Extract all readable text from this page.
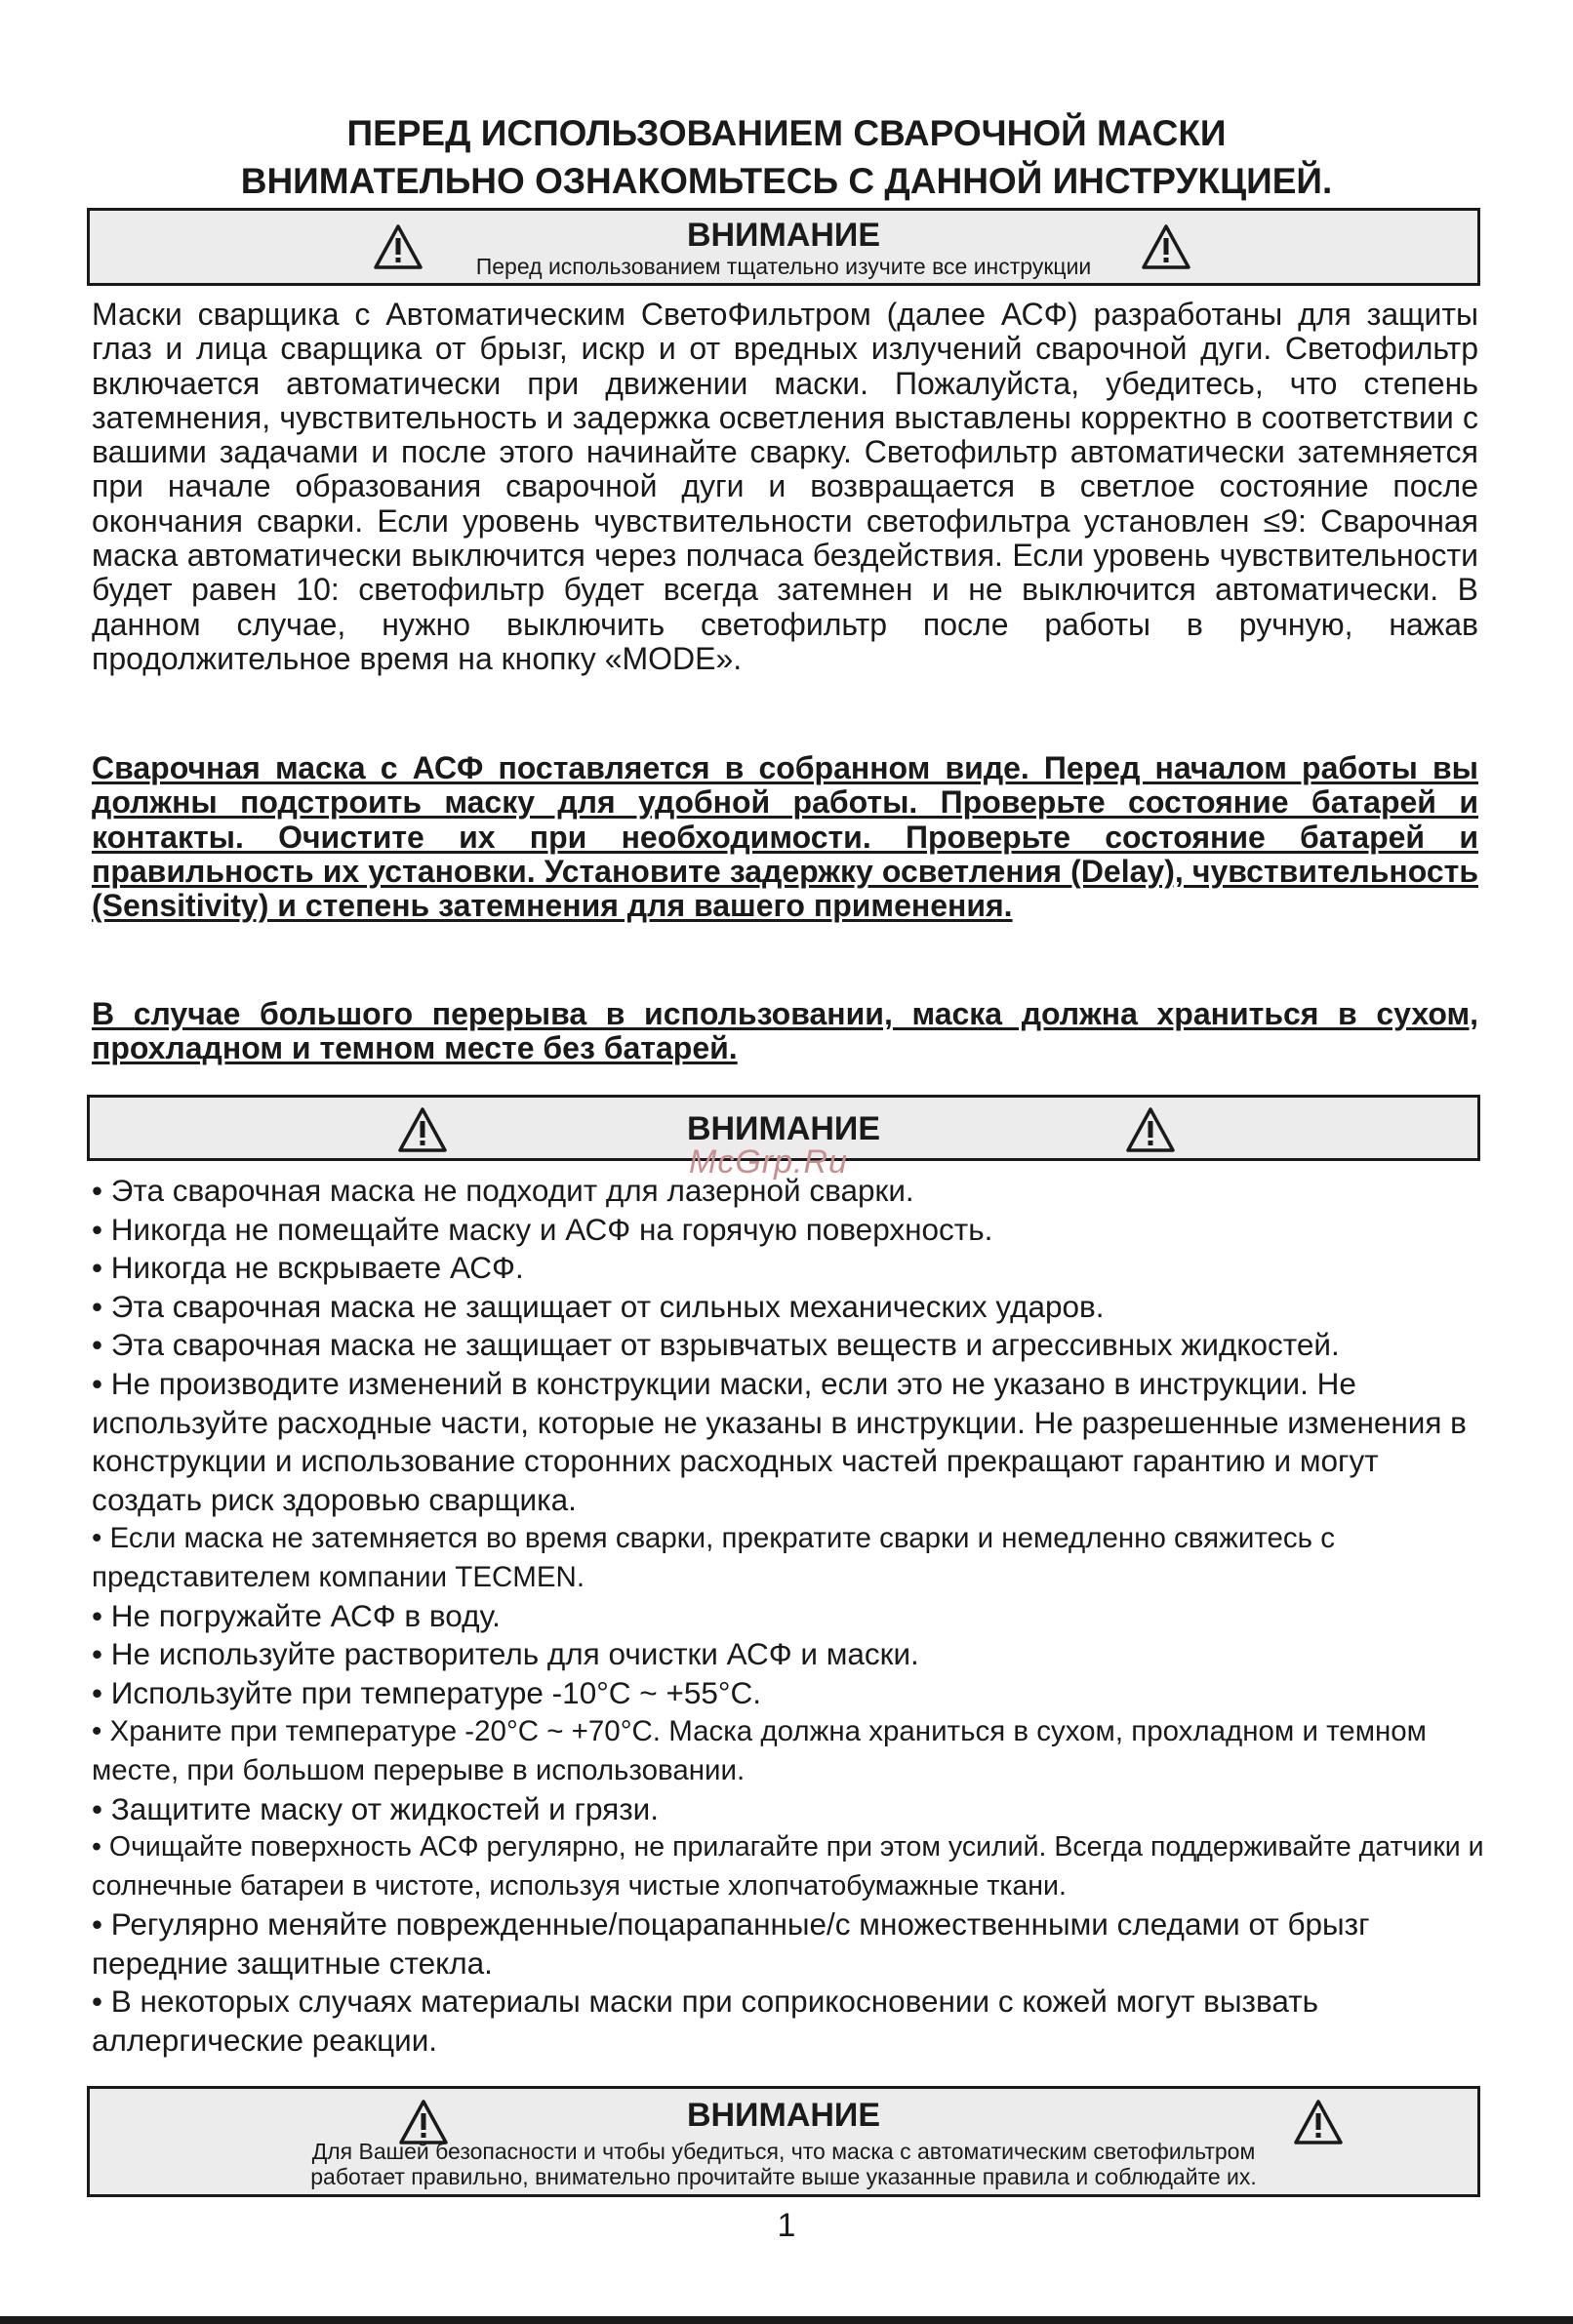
ПЕРЕД ИСПОЛЬЗОВАНИЕМ СВАРОЧНОЙ МАСКИ
ВНИМАТЕЛЬНО ОЗНАКОМЬТЕСЬ С ДАННОЙ ИНСТРУКЦИЕЙ.
ВНИМАНИЕ
Перед использованием тщательно изучите все инструкции
Маски сварщика с Автоматическим СветоФильтром (далее АСФ) разработаны для защиты глаз и лица сварщика от брызг, искр и от вредных излучений сварочной дуги. Светофильтр включается автоматически при движении маски. Пожалуйста, убедитесь, что степень затемнения, чувствительность и задержка осветления выставлены корректно в соответствии с вашими задачами и после этого начинайте сварку. Светофильтр автоматически затемняется при начале образования сварочной дуги и возвращается в светлое состояние после окончания сварки. Если уровень чувствительности светофильтра установлен ≤9: Сварочная маска автоматически выключится через полчаса бездействия. Если уровень чувствительности будет равен 10: светофильтр будет всегда затемнен и не выключится автоматически. В данном случае, нужно выключить светофильтр после работы в ручную, нажав продолжительное время на кнопку «MODE».
Сварочная маска с АСФ поставляется в собранном виде. Перед началом работы вы должны подстроить маску для удобной работы. Проверьте состояние батарей и контакты. Очистите их при необходимости. Проверьте состояние батарей и правильность их установки. Установите задержку осветления (Delay), чувствительность (Sensitivity) и степень затемнения для вашего применения.
В случае большого перерыва в использовании, маска должна храниться в сухом, прохладном и темном месте без батарей.
ВНИМАНИЕ
McGrp.Ru
• Эта сварочная маска не подходит для лазерной сварки.
• Никогда не помещайте маску и АСФ на горячую поверхность.
• Никогда не вскрываете АСФ.
• Эта сварочная маска не защищает от сильных механических ударов.
• Эта сварочная маска не защищает от взрывчатых веществ и агрессивных жидкостей.
• Не производите изменений в конструкции маски, если это не указано в инструкции. Не используйте расходные части, которые не указаны в инструкции. Не разрешенные изменения в конструкции и использование сторонних расходных частей прекращают гарантию и могут создать риск здоровью сварщика.
• Если маска не затемняется во время сварки, прекратите сварки и немедленно свяжитесь с представителем компании TECMEN.
• Не погружайте АСФ в воду.
• Не используйте растворитель для очистки АСФ и маски.
• Используйте при температуре -10°C ~ +55°C.
• Храните при температуре -20°C ~ +70°C. Маска должна храниться в сухом, прохладном и темном месте, при большом перерыве в использовании.
• Защитите маску от жидкостей и грязи.
• Очищайте поверхность АСФ регулярно, не прилагайте при этом усилий. Всегда поддерживайте датчики и солнечные батареи в чистоте, используя чистые хлопчатобумажные ткани.
• Регулярно меняйте поврежденные/поцарапанные/с множественными следами от брызг передние защитные стекла.
• В некоторых случаях материалы маски при соприкосновении с кожей могут вызвать аллергические реакции.
ВНИМАНИЕ
Для Вашей безопасности и чтобы убедиться, что маска с автоматическим светофильтром
работает правильно, внимательно прочитайте выше указанные правила и соблюдайте их.
1
